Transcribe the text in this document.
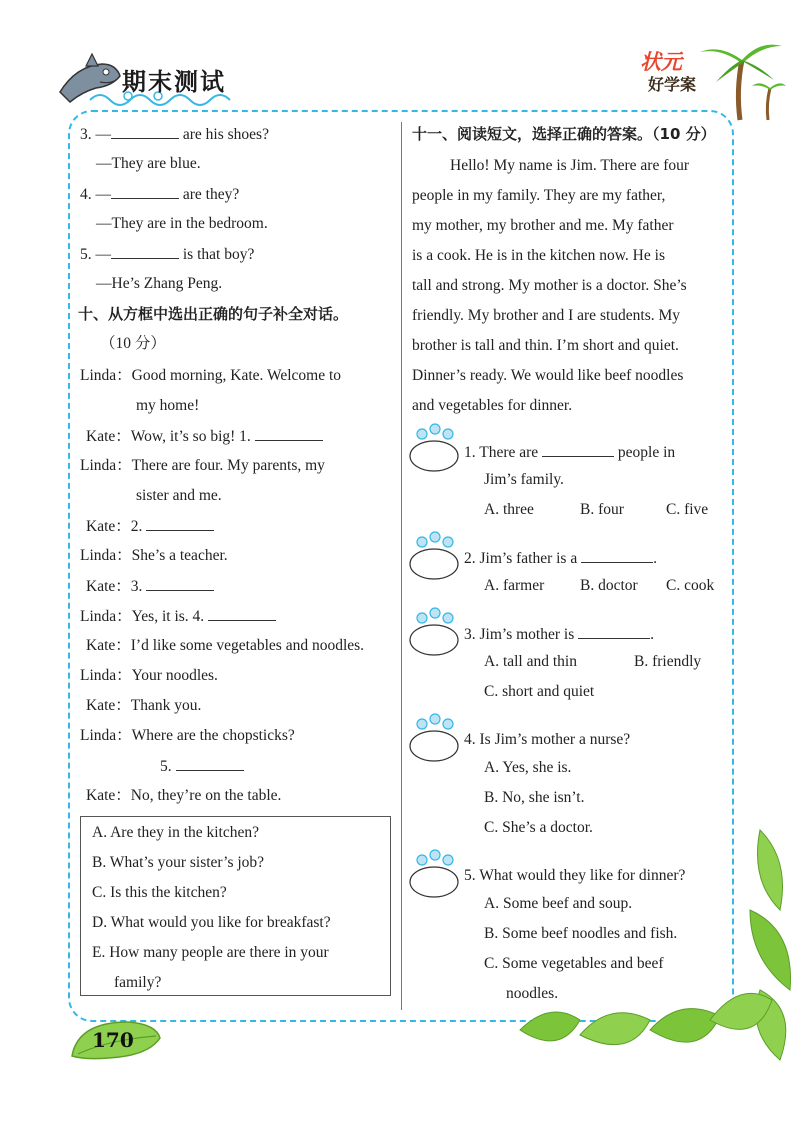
期末测试
状元
好学案
3. —	are his shoes?
—They are blue.
4. —	are they?
—They are in the bedroom.
5. —	is that boy?
—He’s Zhang Peng.
十、从方框中选出正确的句子补全对话。
（10 分）
Linda：Good morning, Kate. Welcome to
my home!
Kate：Wow, it’s so big! 1.
Linda：There are four. My parents, my
sister and me.
Kate：2.
Linda：She’s a teacher.
Kate：3.
Linda：Yes, it is. 4.
Kate：I’d like some vegetables and noodles.
Linda：Your noodles.
Kate：Thank you.
Linda：Where are the chopsticks?
5.
Kate：No, they’re on the table.
A. Are they in the kitchen?
B. What’s your sister’s job?
C. Is this the kitchen?
D. What would you like for breakfast?
E. How many people are there in your
family?
十一、阅读短文，选择正确的答案。（10 分）
Hello! My name is Jim. There are four
people in my family. They are my father,
my mother, my brother and me. My father
is a cook. He is in the kitchen now. He is
tall and strong. My mother is a doctor. She’s
friendly. My brother and I are students. My
brother is tall and thin. I’m short and quiet.
Dinner’s ready. We would like beef noodles
and vegetables for dinner.
1. There are	people in
Jim’s family.
A. three	B. four	C. five
2. Jim’s father is a	.
A. farmer B. doctor C. cook
3. Jim’s mother is	.
A. tall and thin	B. friendly
C. short and quiet
4. Is Jim’s mother a nurse?
A. Yes, she is.
B. No, she isn’t.
C. She’s a doctor.
5. What would they like for dinner?
A. Some beef and soup.
B. Some beef noodles and fish.
C. Some vegetables and beef
noodles.
170
